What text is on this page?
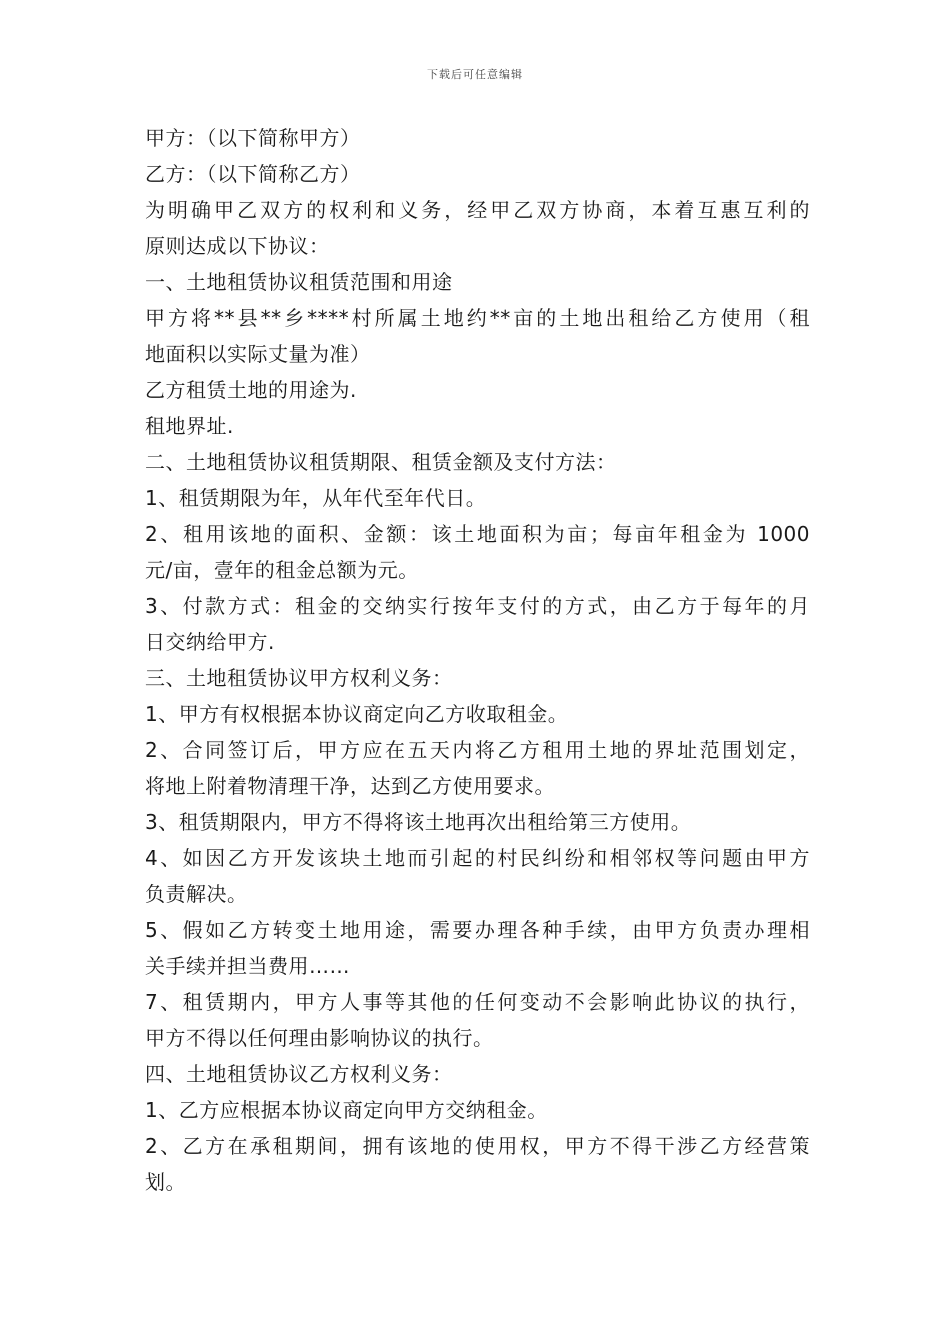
下载后可任意编辑
甲方：（以下简称甲方）
乙方：（以下简称乙方）
为明确甲乙双方的权利和义务，经甲乙双方协商，本着互惠互利的
原则达成以下协议：
一、土地租赁协议租赁范围和用途
甲方将**县**乡****村所属土地约**亩的土地出租给乙方使用（租
地面积以实际丈量为准）
乙方租赁土地的用途为.
租地界址.
二、土地租赁协议租赁期限、租赁金额及支付方法：
1、租赁期限为年，从年代至年代日。
2、租用该地的面积、金额：该土地面积为亩；每亩年租金为 1000
元/亩，壹年的租金总额为元。
3、付款方式：租金的交纳实行按年支付的方式，由乙方于每年的月
日交纳给甲方.
三、土地租赁协议甲方权利义务：
1、甲方有权根据本协议商定向乙方收取租金。
2、合同签订后，甲方应在五天内将乙方租用土地的界址范围划定，
将地上附着物清理干净，达到乙方使用要求。
3、租赁期限内，甲方不得将该土地再次出租给第三方使用。
4、如因乙方开发该块土地而引起的村民纠纷和相邻权等问题由甲方
负责解决。
5、假如乙方转变土地用途，需要办理各种手续，由甲方负责办理相
关手续并担当费用……
7、租赁期内，甲方人事等其他的任何变动不会影响此协议的执行，
甲方不得以任何理由影响协议的执行。
四、土地租赁协议乙方权利义务：
1、乙方应根据本协议商定向甲方交纳租金。
2、乙方在承租期间，拥有该地的使用权，甲方不得干涉乙方经营策
划。
